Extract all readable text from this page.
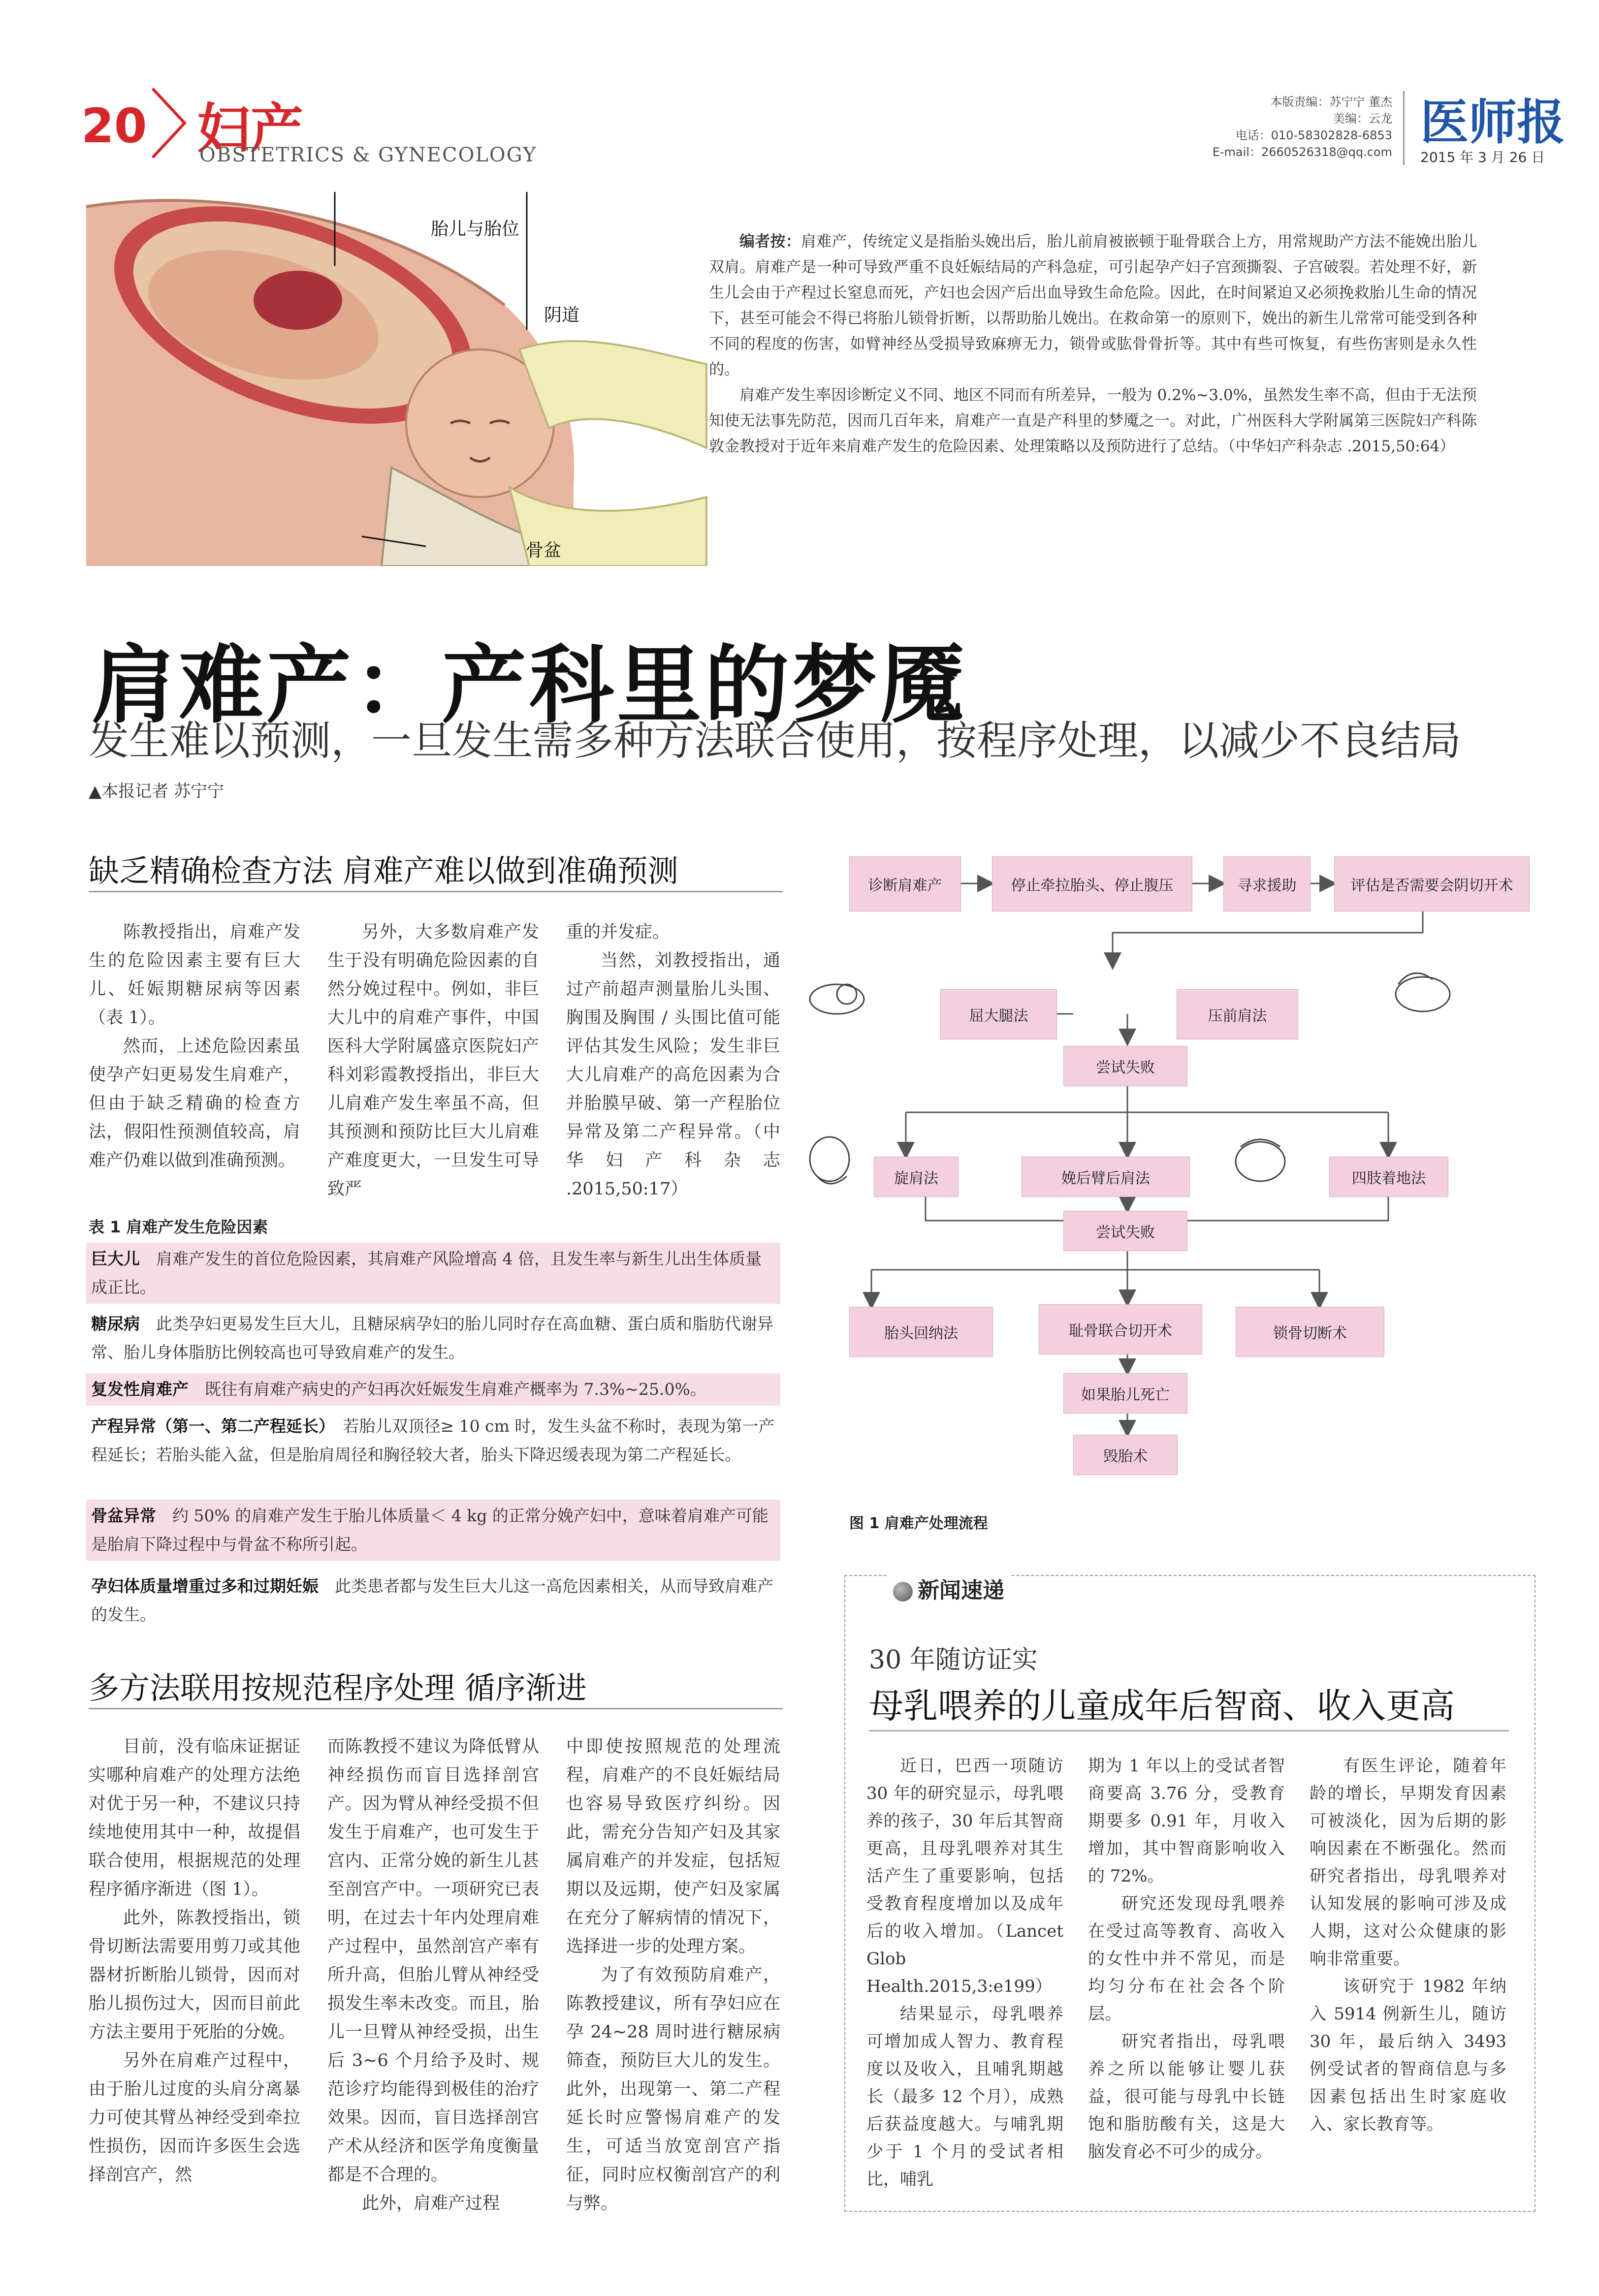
20 妇产
OBSTETRICS & GYNECOLOGY
本版责编：苏宁宁 董杰
美编：云龙
电话：010-58302828-6853
E-mail：2660526318@qq.com
医师报
2015 年 3 月 26 日
胎儿与胎位
阴道
骨盆

编者按：肩难产，传统定义是指胎头娩出后，胎儿前肩被嵌顿于耻骨联合上方，用常规助产方法不能娩出胎儿双肩。肩难产是一种可导致严重不良妊娠结局的产科急症，可引起孕产妇子宫颈撕裂、子宫破裂。若处理不好，新生儿会由于产程过长窒息而死，产妇也会因产后出血导致生命危险。因此，在时间紧迫又必须挽救胎儿生命的情况下，甚至可能会不得已将胎儿锁骨折断，以帮助胎儿娩出。在救命第一的原则下，娩出的新生儿常常可能受到各种不同的程度的伤害，如臂神经丛受损导致麻痹无力，锁骨或肱骨骨折等。其中有些可恢复，有些伤害则是永久性的。

肩难产发生率因诊断定义不同、地区不同而有所差异，一般为 0.2%~3.0%，虽然发生率不高，但由于无法预知使无法事先防范，因而几百年来，肩难产一直是产科里的梦魇之一。对此，广州医科大学附属第三医院妇产科陈敦金教授对于近年来肩难产发生的危险因素、处理策略以及预防进行了总结。（中华妇产科杂志 .2015,50:64）

肩难产：产科里的梦魇
发生难以预测，一旦发生需多种方法联合使用，按程序处理，以减少不良结局
▲本报记者 苏宁宁
缺乏精确检查方法 肩难产难以做到准确预测

陈教授指出，肩难产发生的危险因素主要有巨大儿、妊娠期糖尿病等因素（表 1）。

然而，上述危险因素虽使孕产妇更易发生肩难产，但由于缺乏精确的检查方法，假阳性预测值较高，肩难产仍难以做到准确预测。

另外，大多数肩难产发生于没有明确危险因素的自然分娩过程中。例如，非巨大儿中的肩难产事件，中国医科大学附属盛京医院妇产科刘彩霞教授指出，非巨大儿肩难产发生率虽不高，但其预测和预防比巨大儿肩难产难度更大，一旦发生可导致严

重的并发症。

当然，刘教授指出，通过产前超声测量胎儿头围、胸围及胸围 / 头围比值可能评估其发生风险；发生非巨大儿肩难产的高危因素为合并胎膜早破、第一产程胎位异常及第二产程异常。（中华妇产科杂志 .2015,50:17）

表 1 肩难产发生危险因素
巨大儿　 肩难产发生的首位危险因素，其肩难产风险增高 4 倍，且发生率与新生儿出生体质量成正比。
糖尿病　 此类孕妇更易发生巨大儿，且糖尿病孕妇的胎儿同时存在高血糖、蛋白质和脂肪代谢异常、胎儿身体脂肪比例较高也可导致肩难产的发生。
复发性肩难产　 既往有肩难产病史的产妇再次妊娠发生肩难产概率为 7.3%~25.0%。
产程异常（第一、第二产程延长）　 若胎儿双顶径≥ 10 cm 时，发生头盆不称时，表现为第一产程延长；若胎头能入盆，但是胎肩周径和胸径较大者，胎头下降迟缓表现为第二产程延长。
骨盆异常　 约 50% 的肩难产发生于胎儿体质量＜ 4 kg 的正常分娩产妇中，意味着肩难产可能是胎肩下降过程中与骨盆不称所引起。
孕妇体质量增重过多和过期妊娠　 此类患者都与发生巨大儿这一高危因素相关，从而导致肩难产的发生。
多方法联用按规范程序处理 循序渐进

目前，没有临床证据证实哪种肩难产的处理方法绝对优于另一种，不建议只持续地使用其中一种，故提倡联合使用，根据规范的处理程序循序渐进（图 1）。

此外，陈教授指出，锁骨切断法需要用剪刀或其他器材折断胎儿锁骨，因而对胎儿损伤过大，因而目前此方法主要用于死胎的分娩。

另外在肩难产过程中，由于胎儿过度的头肩分离暴力可使其臂丛神经受到牵拉性损伤，因而许多医生会选择剖宫产，然

而陈教授不建议为降低臂从神经损伤而盲目选择剖宫产。因为臂从神经受损不但发生于肩难产，也可发生于宫内、正常分娩的新生儿甚至剖宫产中。一项研究已表明，在过去十年内处理肩难产过程中，虽然剖宫产率有所升高，但胎儿臂从神经受损发生率未改变。而且，胎儿一旦臂从神经受损，出生后 3~6 个月给予及时、规范诊疗均能得到极佳的治疗效果。因而，盲目选择剖宫产术从经济和医学角度衡量都是不合理的。

此外，肩难产过程

中即使按照规范的处理流程，肩难产的不良妊娠结局也容易导致医疗纠纷。因此，需充分告知产妇及其家属肩难产的并发症，包括短期以及远期，使产妇及家属在充分了解病情的情况下，选择进一步的处理方案。

为了有效预防肩难产，陈教授建议，所有孕妇应在孕 24~28 周时进行糖尿病筛查，预防巨大儿的发生。此外，出现第一、第二产程延长时应警惕肩难产的发生，可适当放宽剖宫产指征，同时应权衡剖宫产的利与弊。

诊断肩难产	停止牵拉胎头、停止腹压	寻求援助	评估是否需要会阴切开术
屈大腿法	压前肩法
尝试失败
旋肩法	娩后臂后肩法	四肢着地法
尝试失败
胎头回纳法	耻骨联合切开术	锁骨切断术
如果胎儿死亡
毁胎术
图 1 肩难产处理流程
新闻速递
30 年随访证实
母乳喂养的儿童成年后智商、收入更高

近日，巴西一项随访 30 年的研究显示，母乳喂养的孩子，30 年后其智商更高，且母乳喂养对其生活产生了重要影响，包括受教育程度增加以及成年后的收入增加。（Lancet Glob Health.2015,3:e199）

结果显示，母乳喂养可增加成人智力、教育程度以及收入，且哺乳期越长（最多 12 个月），成熟后获益度越大。与哺乳期少于 1 个月的受试者相比，哺乳

期为 1 年以上的受试者智商要高 3.76 分，受教育期要多 0.91 年，月收入增加，其中智商影响收入的 72%。

研究还发现母乳喂养在受过高等教育、高收入的女性中并不常见，而是均匀分布在社会各个阶层。

研究者指出，母乳喂养之所以能够让婴儿获益，很可能与母乳中长链饱和脂肪酸有关，这是大脑发育必不可少的成分。

有医生评论，随着年龄的增长，早期发育因素可被淡化，因为后期的影响因素在不断强化。然而研究者指出，母乳喂养对认知发展的影响可涉及成人期，这对公众健康的影响非常重要。

该研究于 1982 年纳入 5914 例新生儿，随访 30 年，最后纳入 3493 例受试者的智商信息与多因素包括出生时家庭收入、家长教育等。
